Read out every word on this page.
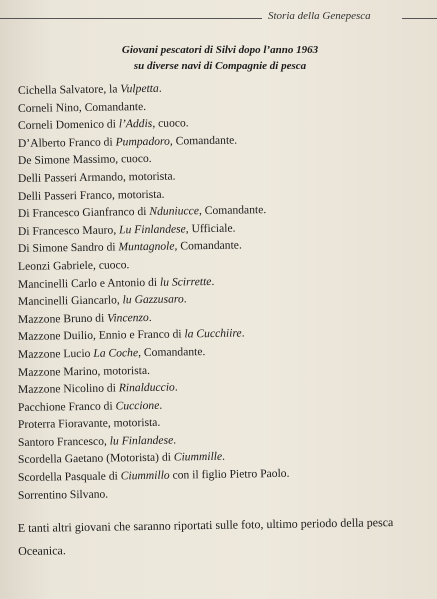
Storia della Genepesca
Giovani pescatori di Silvi dopo l’anno 1963
su diverse navi di Compagnie di pesca
Cichella Salvatore, la Vulpetta.
Corneli Nino, Comandante.
Corneli Domenico di l’Addis, cuoco.
D’Alberto Franco di Pumpadoro, Comandante.
De Simone Massimo, cuoco.
Delli Passeri Armando, motorista.
Delli Passeri Franco, motorista.
Di Francesco Gianfranco di Nduniucce, Comandante.
Di Francesco Mauro, Lu Finlandese, Ufficiale.
Di Simone Sandro di Muntagnole, Comandante.
Leonzi Gabriele, cuoco.
Mancinelli Carlo e Antonio di lu Scirrette.
Mancinelli Giancarlo, lu Gazzusaro.
Mazzone Bruno di Vincenzo.
Mazzone Duilio, Ennio e Franco di la Cucchiire.
Mazzone Lucio La Coche, Comandante.
Mazzone Marino, motorista.
Mazzone Nicolino di Rinalduccio.
Pacchione Franco di Cuccione.
Proterra Fioravante, motorista.
Santoro Francesco, lu Finlandese.
Scordella Gaetano (Motorista) di Ciummille.
Scordella Pasquale di Ciummillo con il figlio Pietro Paolo.
Sorrentino Silvano.
E tanti altri giovani che saranno riportati sulle foto, ultimo periodo della pesca Oceanica.
